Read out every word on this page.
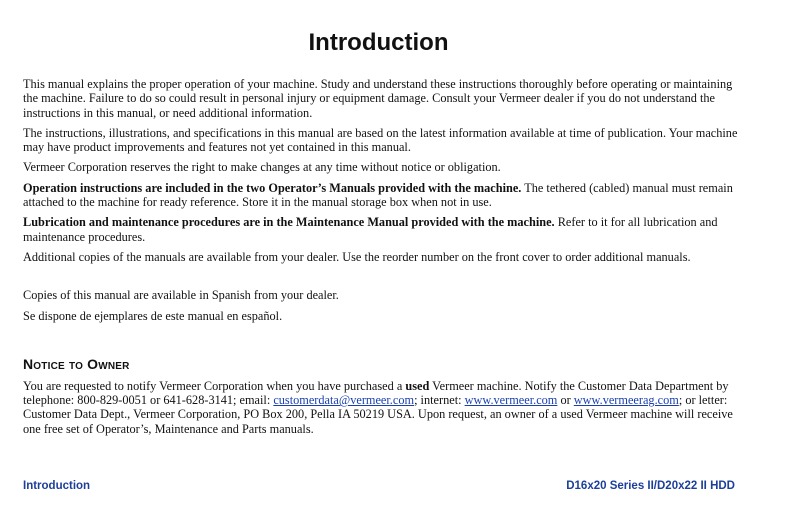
Introduction

This manual explains the proper operation of your machine. Study and understand these instructions thoroughly before operating or maintaining the machine. Failure to do so could result in personal injury or equipment damage. Consult your Vermeer dealer if you do not understand the instructions in this manual, or need additional information.

The instructions, illustrations, and specifications in this manual are based on the latest information available at time of publication. Your machine may have product improvements and features not yet contained in this manual.

Vermeer Corporation reserves the right to make changes at any time without notice or obligation.

Operation instructions are included in the two Operator’s Manuals provided with the machine. The tethered (cabled) manual must remain attached to the machine for ready reference. Store it in the manual storage box when not in use.

Lubrication and maintenance procedures are in the Maintenance Manual provided with the machine. Refer to it for all lubrication and maintenance procedures.

Additional copies of the manuals are available from your dealer. Use the reorder number on the front cover to order additional manuals.

Copies of this manual are available in Spanish from your dealer.

Se dispone de ejemplares de este manual en español.

Notice to Owner

You are requested to notify Vermeer Corporation when you have purchased a used Vermeer machine. Notify the Customer Data Department by telephone: 800-829-0051 or 641-628-3141; email: customerdata@vermeer.com; internet: www.vermeer.com or www.vermeerag.com; or letter: Customer Data Dept., Vermeer Corporation, PO Box 200, Pella IA 50219 USA. Upon request, an owner of a used Vermeer machine will receive one free set of Operator’s, Maintenance and Parts manuals.

Introduction	D16x20 Series II/D20x22 II HDD
